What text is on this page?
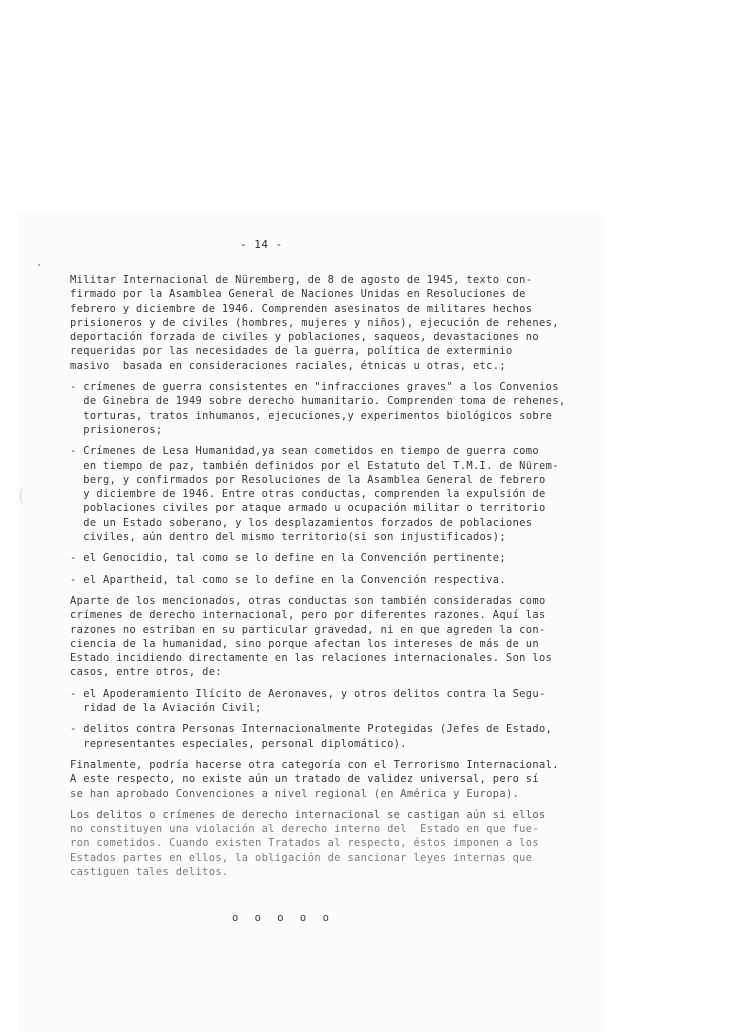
- 14 -
Militar Internacional de Nüremberg, de 8 de agosto de 1945, texto con-
firmado por la Asamblea General de Naciones Unidas en Resoluciones de
febrero y diciembre de 1946. Comprenden asesinatos de militares hechos
prisioneros y de civiles (hombres, mujeres y niños), ejecución de rehenes,
deportación forzada de civiles y poblaciones, saqueos, devastaciones no
requeridas por las necesidades de la guerra, política de exterminio
masivo  basada en consideraciones raciales, étnicas u otras, etc.;
- crímenes de guerra consistentes en "infracciones graves" a los Convenios
de Ginebra de 1949 sobre derecho humanitario. Comprenden toma de rehenes,
torturas, tratos inhumanos, ejecuciones,y experimentos biológicos sobre
prisioneros;
- Crímenes de Lesa Humanidad,ya sean cometidos en tiempo de guerra como
en tiempo de paz, también definidos por el Estatuto del T.M.I. de Nürem-
berg, y confirmados por Resoluciones de la Asamblea General de febrero
y diciembre de 1946. Entre otras conductas, comprenden la expulsión de
poblaciones civiles por ataque armado u ocupación militar o territorio
de un Estado soberano, y los desplazamientos forzados de poblaciones
civiles, aún dentro del mismo territorio(si son injustificados);
- el Genocidio, tal como se lo define en la Convención pertinente;
- el Apartheid, tal como se lo define en la Convención respectiva.
Aparte de los mencionados, otras conductas son también consideradas como
crímenes de derecho internacional, pero por diferentes razones. Aquí las
razones no estriban en su particular gravedad, ni en que agreden la con-
ciencia de la humanidad, sino porque afectan los intereses de más de un
Estado incidiendo directamente en las relaciones internacionales. Son los
casos, entre otros, de:
- el Apoderamiento Ilícito de Aeronaves, y otros delitos contra la Segu-
ridad de la Aviación Civil;
- delitos contra Personas Internacionalmente Protegidas (Jefes de Estado,
representantes especiales, personal diplomático).
Finalmente, podría hacerse otra categoría con el Terrorismo Internacional.
A este respecto, no existe aún un tratado de validez universal, pero sí
se han aprobado Convenciones a nivel regional (en América y Europa).
Los delitos o crímenes de derecho internacional se castigan aún si ellos
no constituyen una violación al derecho interno del  Estado en que fue-
ron cometidos. Cuando existen Tratados al respecto, éstos imponen a los
Estados partes en ellos, la obligación de sancionar leyes internas que
castiguen tales delitos.
o o o o o
